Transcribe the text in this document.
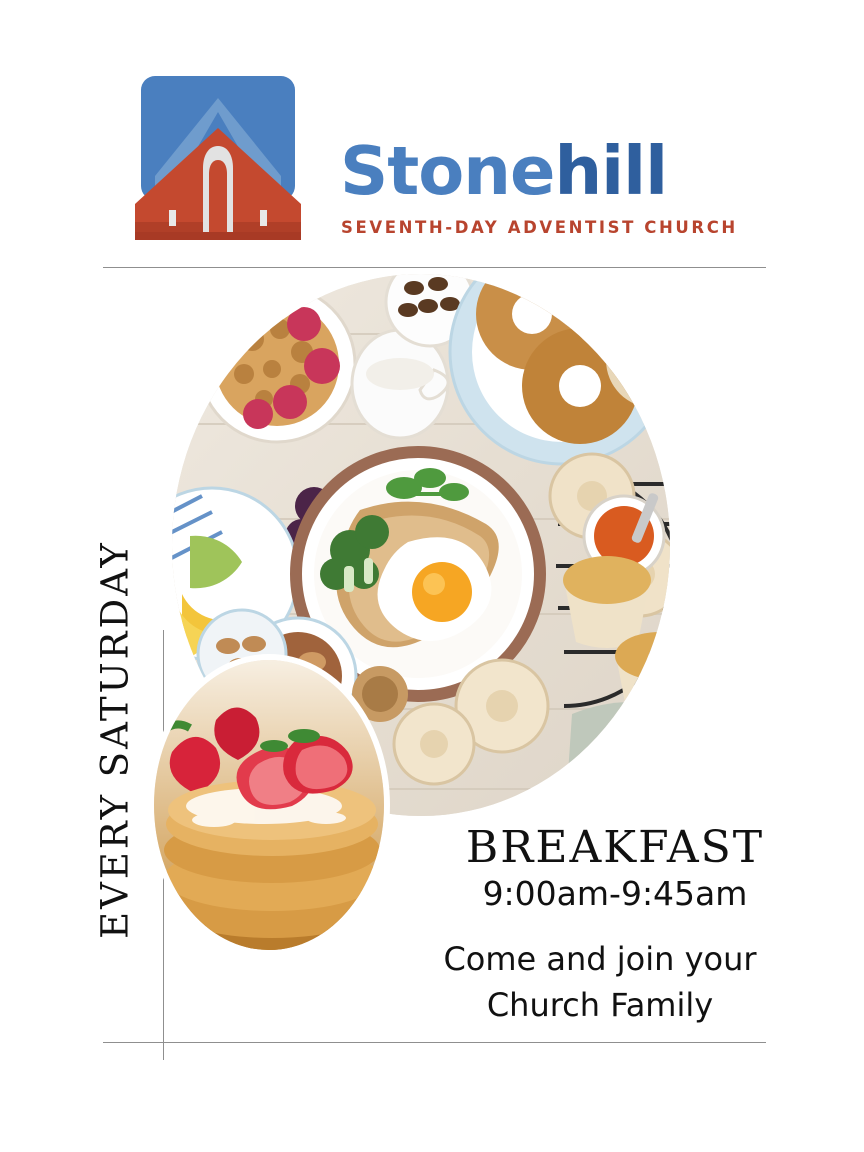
Stonehill
SEVENTH-DAY ADVENTIST CHURCH
EVERY SATURDAY	BREAKFAST
9:00am-9:45am
Come and join your
Church Family
